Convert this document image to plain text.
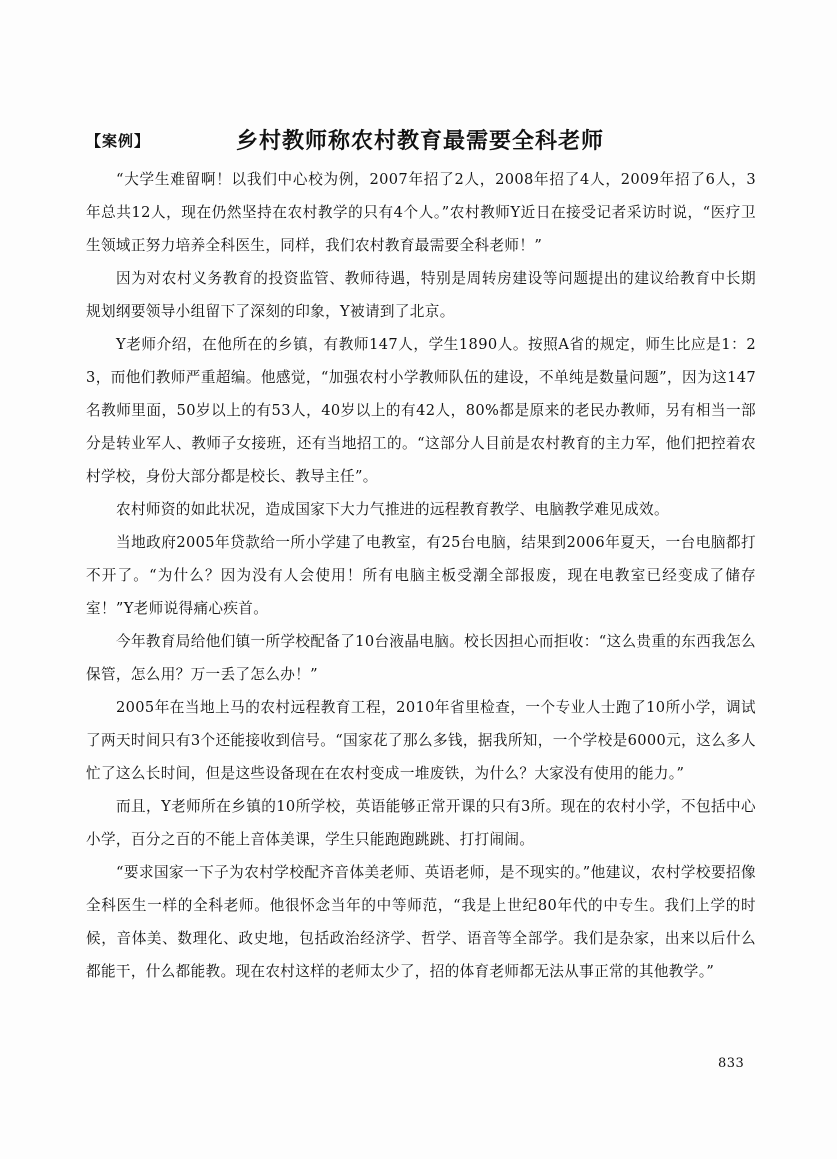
【案例】	乡村教师称农村教育最需要全科老师

“大学生难留啊！以我们中心校为例，2007年招了2人，2008年招了4人，2009年招了6人，3年总共12人，现在仍然坚持在农村教学的只有4个人。”农村教师Y近日在接受记者采访时说，“医疗卫生领域正努力培养全科医生，同样，我们农村教育最需要全科老师！”

因为对农村义务教育的投资监管、教师待遇，特别是周转房建设等问题提出的建议给教育中长期规划纲要领导小组留下了深刻的印象，Y被请到了北京。

Y老师介绍，在他所在的乡镇，有教师147人，学生1890人。按照A省的规定，师生比应是1：23，而他们教师严重超编。他感觉，“加强农村小学教师队伍的建设，不单纯是数量问题”，因为这147名教师里面，50岁以上的有53人，40岁以上的有42人，80%都是原来的老民办教师，另有相当一部分是转业军人、教师子女接班，还有当地招工的。“这部分人目前是农村教育的主力军，他们把控着农村学校，身份大部分都是校长、教导主任”。

农村师资的如此状况，造成国家下大力气推进的远程教育教学、电脑教学难见成效。

当地政府2005年贷款给一所小学建了电教室，有25台电脑，结果到2006年夏天，一台电脑都打不开了。“为什么？因为没有人会使用！所有电脑主板受潮全部报废，现在电教室已经变成了储存室！”Y老师说得痛心疾首。

今年教育局给他们镇一所学校配备了10台液晶电脑。校长因担心而拒收：“这么贵重的东西我怎么保管，怎么用？万一丢了怎么办！”

2005年在当地上马的农村远程教育工程，2010年省里检查，一个专业人士跑了10所小学，调试了两天时间只有3个还能接收到信号。“国家花了那么多钱，据我所知，一个学校是6000元，这么多人忙了这么长时间，但是这些设备现在在农村变成一堆废铁，为什么？大家没有使用的能力。”

而且，Y老师所在乡镇的10所学校，英语能够正常开课的只有3所。现在的农村小学，不包括中心小学，百分之百的不能上音体美课，学生只能跑跑跳跳、打打闹闹。

“要求国家一下子为农村学校配齐音体美老师、英语老师，是不现实的。”他建议，农村学校要招像全科医生一样的全科老师。他很怀念当年的中等师范，“我是上世纪80年代的中专生。我们上学的时候，音体美、数理化、政史地，包括政治经济学、哲学、语音等全部学。我们是杂家，出来以后什么都能干，什么都能教。现在农村这样的老师太少了，招的体育老师都无法从事正常的其他教学。”

833
